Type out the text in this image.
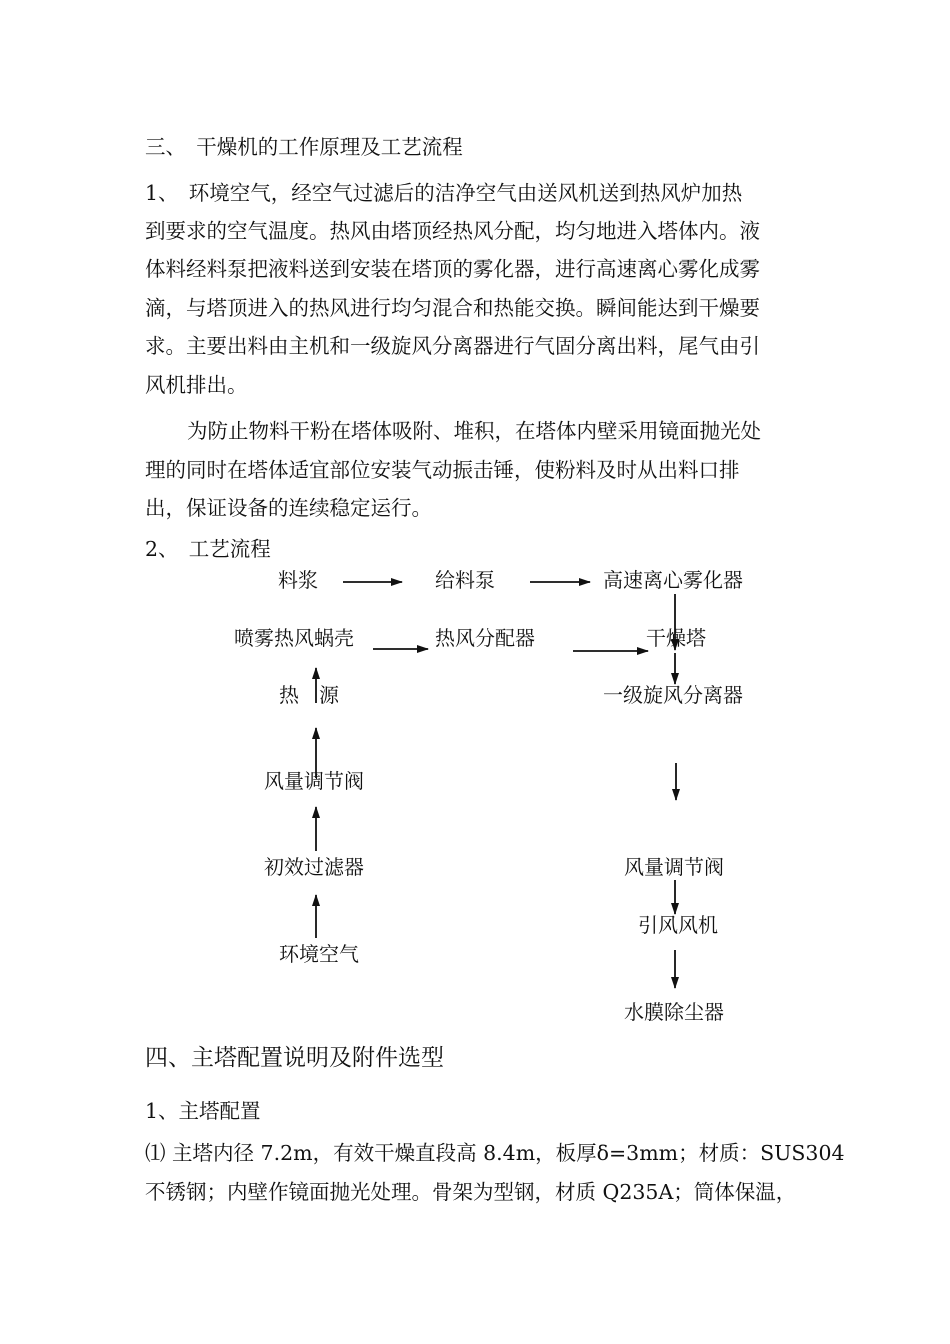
三、　干燥机的工作原理及工艺流程
1、　环境空气，经空气过滤后的洁净空气由送风机送到热风炉加热
到要求的空气温度。热风由塔顶经热风分配，均匀地进入塔体内。液
体料经料泵把液料送到安装在塔顶的雾化器，进行高速离心雾化成雾
滴，与塔顶进入的热风进行均匀混合和热能交换。瞬间能达到干燥要
求。主要出料由主机和一级旋风分离器进行气固分离出料，尾气由引
风机排出。
为防止物料干粉在塔体吸附、堆积，在塔体内壁采用镜面抛光处
理的同时在塔体适宜部位安装气动振击锤，使粉料及时从出料口排
出，保证设备的连续稳定运行。
2、　工艺流程
料浆	给料泵	高速离心雾化器
喷雾热风蜗壳	热风分配器	干燥塔
热　源	一级旋风分离器
风量调节阀
初效过滤器
环境空气
风量调节阀
引风风机
水膜除尘器
四、主塔配置说明及附件选型
1、主塔配置
⑴ 主塔内径 7.2m，有效干燥直段高 8.4m，板厚δ=3mm；材质：SUS304
不锈钢；内壁作镜面抛光处理。骨架为型钢，材质 Q235A；筒体保温，
